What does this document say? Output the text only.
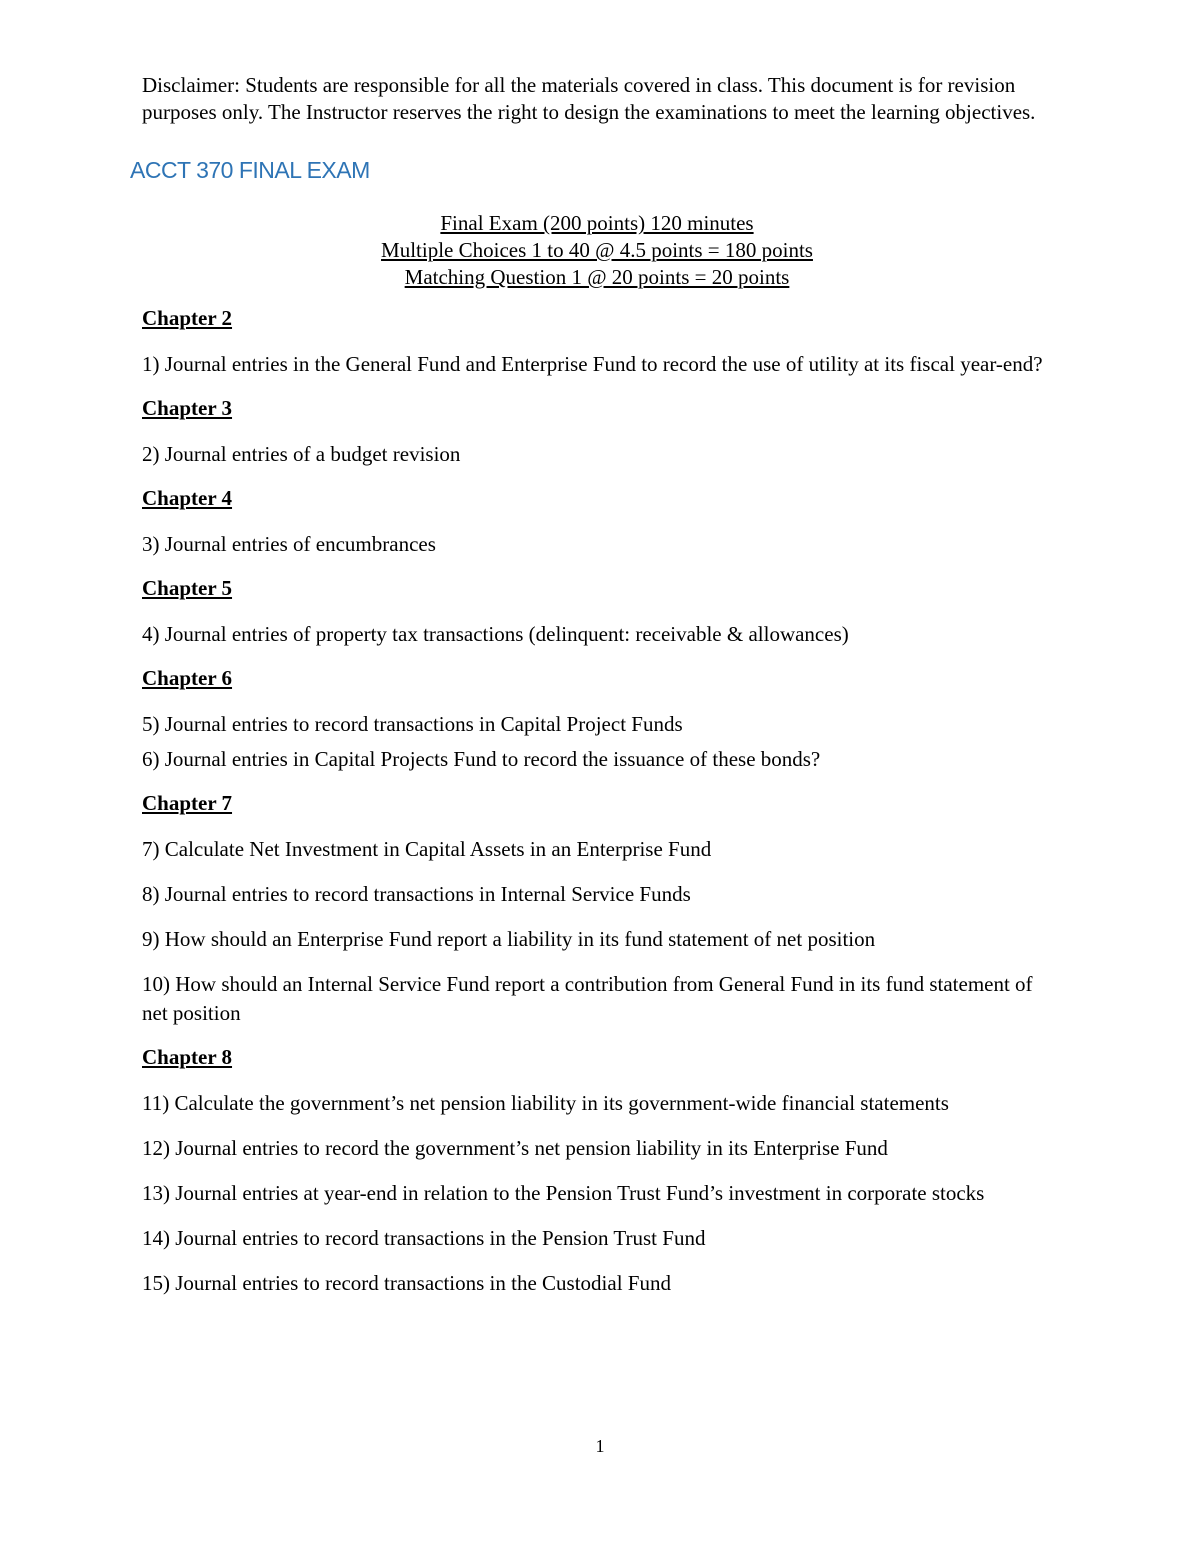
Disclaimer: Students are responsible for all the materials covered in class. This document is for revision purposes only. The Instructor reserves the right to design the examinations to meet the learning objectives.

ACCT 370 FINAL EXAM
Final Exam (200 points) 120 minutes
Multiple Choices 1 to 40 @ 4.5 points = 180 points
Matching Question 1 @ 20 points = 20 points

Chapter 2

1) Journal entries in the General Fund and Enterprise Fund to record the use of utility at its fiscal year-end?

Chapter 3

2) Journal entries of a budget revision

Chapter 4

3) Journal entries of encumbrances

Chapter 5

4) Journal entries of property tax transactions (delinquent: receivable & allowances)

Chapter 6

5) Journal entries to record transactions in Capital Project Funds

6) Journal entries in Capital Projects Fund to record the issuance of these bonds?

Chapter 7

7) Calculate Net Investment in Capital Assets in an Enterprise Fund

8) Journal entries to record transactions in Internal Service Funds

9) How should an Enterprise Fund report a liability in its fund statement of net position

10) How should an Internal Service Fund report a contribution from General Fund in its fund statement of net position

Chapter 8

11) Calculate the government’s net pension liability in its government-wide financial statements

12) Journal entries to record the government’s net pension liability in its Enterprise Fund

13) Journal entries at year-end in relation to the Pension Trust Fund’s investment in corporate stocks

14) Journal entries to record transactions in the Pension Trust Fund

15) Journal entries to record transactions in the Custodial Fund

1
